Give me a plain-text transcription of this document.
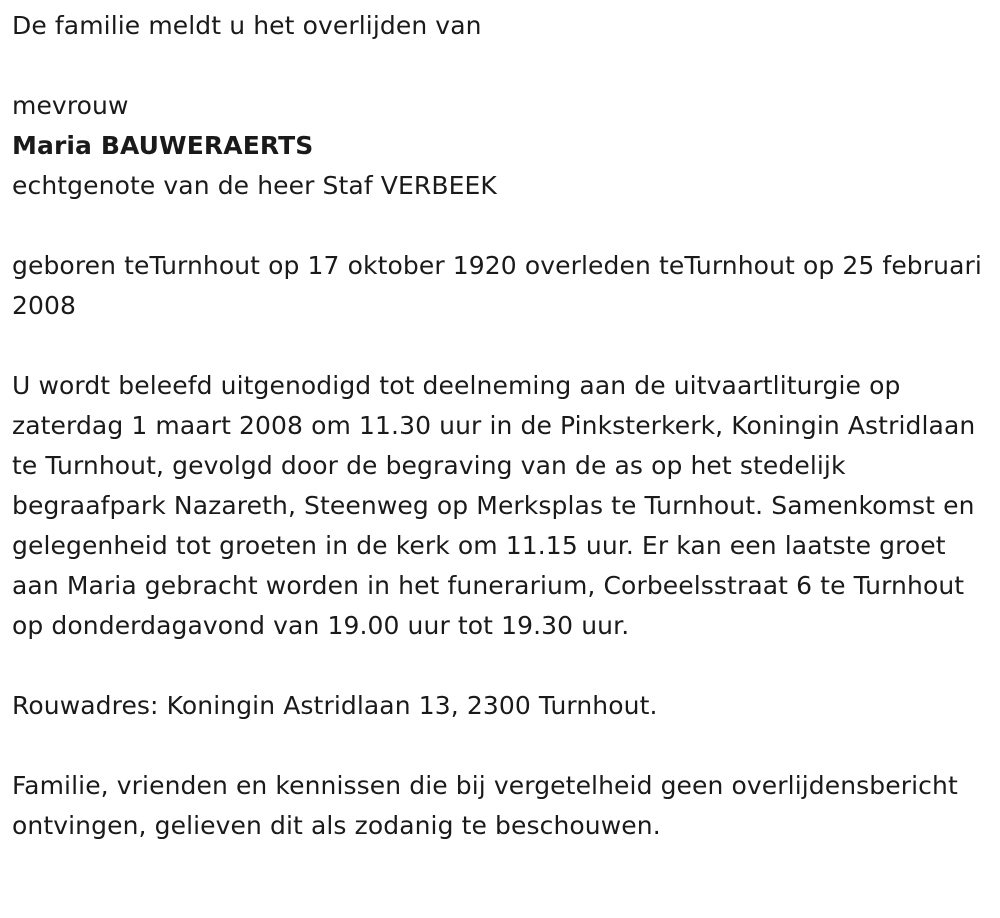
De familie meldt u het overlijden van

mevrouw

Maria BAUWERAERTS

echtgenote van de heer Staf VERBEEK

geboren teTurnhout op 17 oktober 1920 overleden teTurnhout op 25 februari 2008

U wordt beleefd uitgenodigd tot deelneming aan de uitvaartliturgie op zaterdag 1 maart 2008 om 11.30 uur in de Pinksterkerk, Koningin Astridlaan te Turnhout, gevolgd door de begraving van de as op het stedelijk begraafpark Nazareth, Steenweg op Merksplas te Turnhout. Samenkomst en gelegenheid tot groeten in de kerk om 11.15 uur. Er kan een laatste groet aan Maria gebracht worden in het funerarium, Corbeelsstraat 6 te Turnhout op donderdagavond van 19.00 uur tot 19.30 uur.

Rouwadres: Koningin Astridlaan 13, 2300 Turnhout.

Familie, vrienden en kennissen die bij vergetelheid geen overlijdensbericht ontvingen, gelieven dit als zodanig te beschouwen.
